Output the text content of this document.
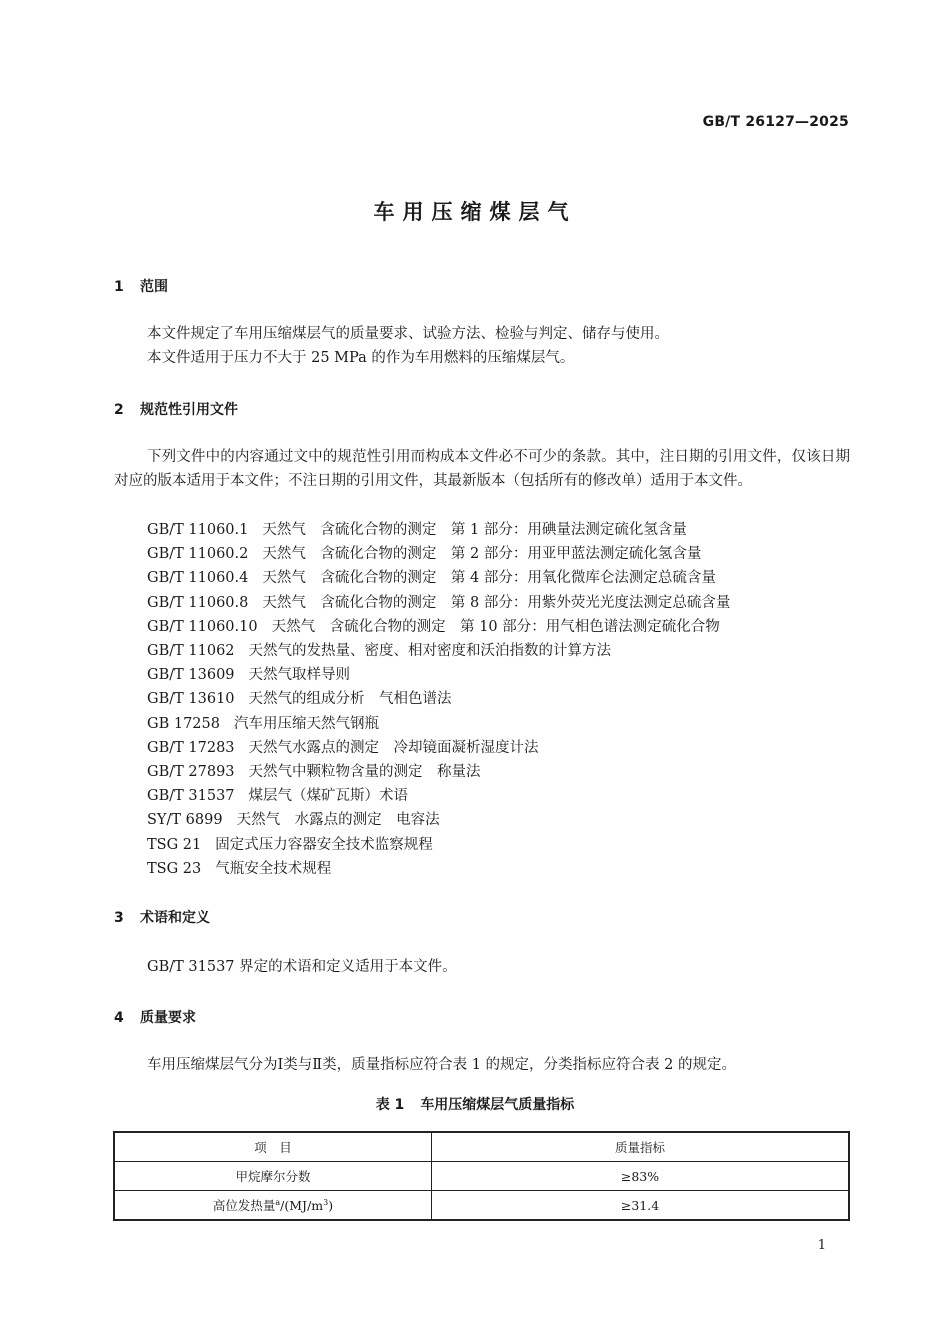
GB/T 26127—2025
车用压缩煤层气
1 范围
本文件规定了车用压缩煤层气的质量要求、试验方法、检验与判定、储存与使用。
本文件适用于压力不大于 25 MPa 的作为车用燃料的压缩煤层气。
2 规范性引用文件
下列文件中的内容通过文中的规范性引用而构成本文件必不可少的条款。其中，注日期的引用文件，仅该日期对应的版本适用于本文件；不注日期的引用文件，其最新版本（包括所有的修改单）适用于本文件。
GB/T 11060.1 天然气　含硫化合物的测定　第 1 部分：用碘量法测定硫化氢含量
GB/T 11060.2 天然气　含硫化合物的测定　第 2 部分：用亚甲蓝法测定硫化氢含量
GB/T 11060.4 天然气　含硫化合物的测定　第 4 部分：用氧化微库仑法测定总硫含量
GB/T 11060.8 天然气　含硫化合物的测定　第 8 部分：用紫外荧光光度法测定总硫含量
GB/T 11060.10 天然气　含硫化合物的测定　第 10 部分：用气相色谱法测定硫化合物
GB/T 11062 天然气的发热量、密度、相对密度和沃泊指数的计算方法
GB/T 13609 天然气取样导则
GB/T 13610 天然气的组成分析　气相色谱法
GB 17258 汽车用压缩天然气钢瓶
GB/T 17283 天然气水露点的测定　冷却镜面凝析湿度计法
GB/T 27893 天然气中颗粒物含量的测定　称量法
GB/T 31537 煤层气（煤矿瓦斯）术语
SY/T 6899 天然气　水露点的测定　电容法
TSG 21 固定式压力容器安全技术监察规程
TSG 23 气瓶安全技术规程
3 术语和定义
GB/T 31537 界定的术语和定义适用于本文件。
4 质量要求
车用压缩煤层气分为Ⅰ类与Ⅱ类，质量指标应符合表 1 的规定，分类指标应符合表 2 的规定。
表 1 车用压缩煤层气质量指标
项　目	质量指标
甲烷摩尔分数	≥83%
高位发热量$^a/(MJ/m^3)$	≥31.4
1
